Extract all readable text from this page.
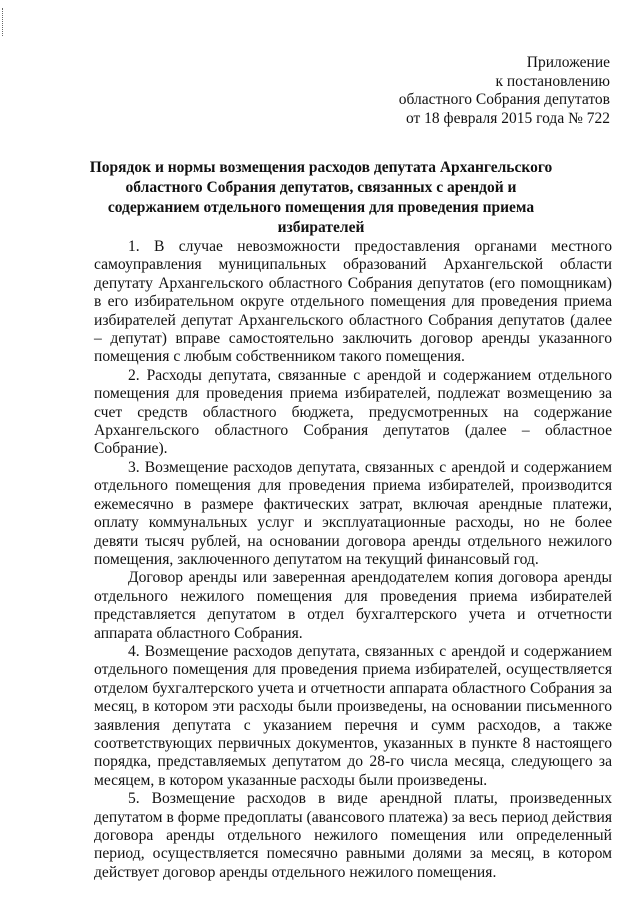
Приложение
к постановлению
областного Собрания депутатов
от 18 февраля 2015 года № 722
Порядок и нормы возмещения расходов депутата Архангельского областного Собрания депутатов, связанных с арендой и содержанием отдельного помещения для проведения приема избирателей

1. В случае невозможности предоставления органами местного самоуправления муниципальных образований Архангельской области депутату Архангельского областного Собрания депутатов (его помощникам) в его избирательном округе отдельного помещения для проведения приема избирателей депутат Архангельского областного Собрания депутатов (далее – депутат) вправе самостоятельно заключить договор аренды указанного помещения с любым собственником такого помещения.

2. Расходы депутата, связанные с арендой и содержанием отдельного помещения для проведения приема избирателей, подлежат возмещению за счет средств областного бюджета, предусмотренных на содержание Архангельского областного Собрания депутатов (далее – областное Собрание).

3. Возмещение расходов депутата, связанных с арендой и содержанием отдельного помещения для проведения приема избирателей, производится ежемесячно в размере фактических затрат, включая арендные платежи, оплату коммунальных услуг и эксплуатационные расходы, но не более девяти тысяч рублей, на основании договора аренды отдельного нежилого помещения, заключенного депутатом на текущий финансовый год.

Договор аренды или заверенная арендодателем копия договора аренды отдельного нежилого помещения для проведения приема избирателей представляется депутатом в отдел бухгалтерского учета и отчетности аппарата областного Собрания.

4. Возмещение расходов депутата, связанных с арендой и содержанием отдельного помещения для проведения приема избирателей, осуществляется отделом бухгалтерского учета и отчетности аппарата областного Собрания за месяц, в котором эти расходы были произведены, на основании письменного заявления депутата с указанием перечня и сумм расходов, а также соответствующих первичных документов, указанных в пункте 8 настоящего порядка, представляемых депутатом до 28-го числа месяца, следующего за месяцем, в котором указанные расходы были произведены.

5. Возмещение расходов в виде арендной платы, произведенных депутатом в форме предоплаты (авансового платежа) за весь период действия договора аренды отдельного нежилого помещения или определенный период, осуществляется помесячно равными долями за месяц, в котором действует договор аренды отдельного нежилого помещения.
